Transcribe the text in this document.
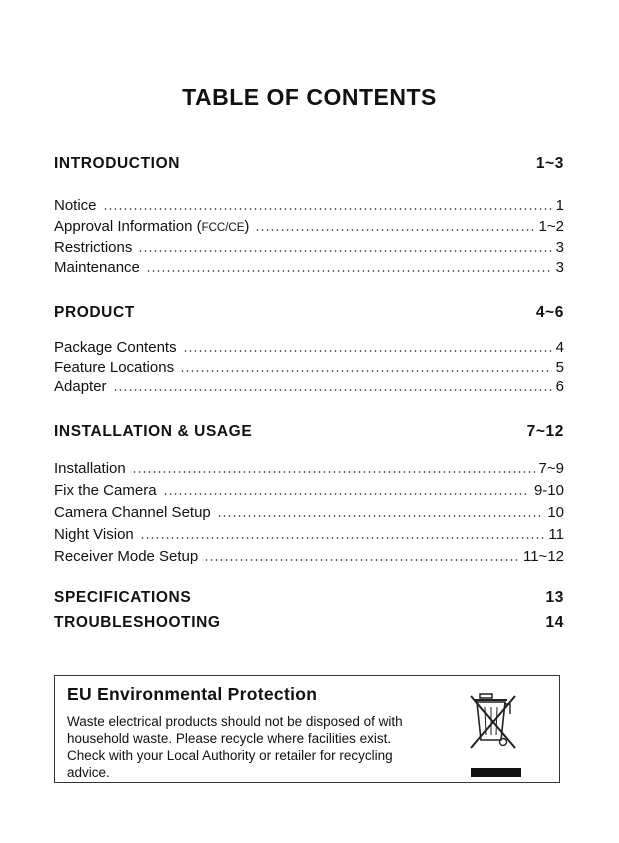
TABLE OF CONTENTS
INTRODUCTION	1~3
Notice	1
Approval Information (FCC/CE)	1~2
Restrictions	3
Maintenance	3
PRODUCT	4~6
Package Contents	4
Feature Locations	5
Adapter	6
INSTALLATION & USAGE	7~12
Installation	7~9
Fix the Camera	9-10
Camera Channel Setup	10
Night Vision	11
Receiver Mode Setup	11~12
SPECIFICATIONS	13
TROUBLESHOOTING	14
EU Environmental Protection
Waste electrical products should not be disposed of with
household waste. Please recycle where facilities exist.
Check with your Local Authority or retailer for recycling
advice.
